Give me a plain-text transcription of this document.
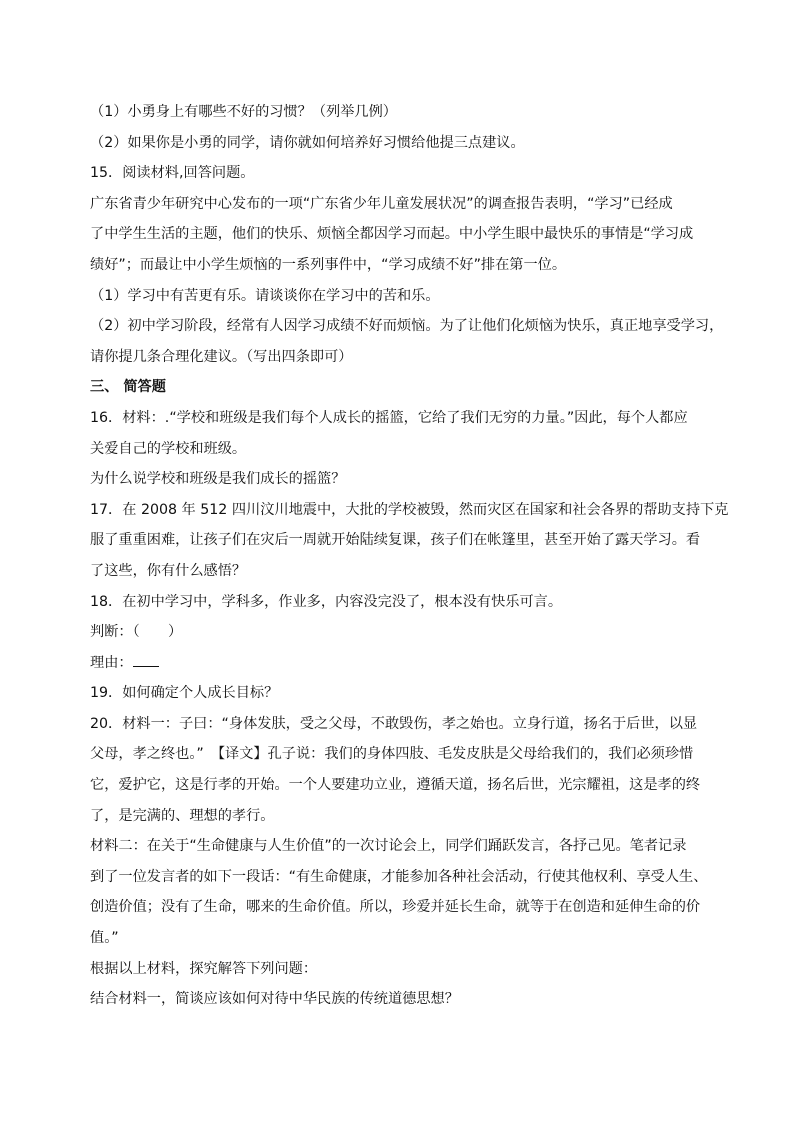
（1）小勇身上有哪些不好的习惯？（列举几例）
（2）如果你是小勇的同学，请你就如何培养好习惯给他提三点建议。
15．阅读材料,回答问题。
广东省青少年研究中心发布的一项“广东省少年儿童发展状况”的调查报告表明，“学习”已经成
了中学生生活的主题，他们的快乐、烦恼全都因学习而起。中小学生眼中最快乐的事情是“学习成
绩好”；而最让中小学生烦恼的一系列事件中，“学习成绩不好”排在第一位。
（1）学习中有苦更有乐。请谈谈你在学习中的苦和乐。
（2）初中学习阶段，经常有人因学习成绩不好而烦恼。为了让他们化烦恼为快乐，真正地享受学习，
请你提几条合理化建议。（写出四条即可）
三、 简答题
16．材料：.“学校和班级是我们每个人成长的摇篮，它给了我们无穷的力量。”因此，每个人都应
关爱自己的学校和班级。
为什么说学校和班级是我们成长的摇篮？
17．在 2008 年 512 四川汶川地震中，大批的学校被毁，然而灾区在国家和社会各界的帮助支持下克
服了重重困难，让孩子们在灾后一周就开始陆续复课，孩子们在帐篷里，甚至开始了露天学习。看
了这些，你有什么感悟？
18．在初中学习中，学科多，作业多，内容没完没了，根本没有快乐可言。
判断：（　　）
理由：
19．如何确定个人成长目标？
20．材料一：子曰：“身体发肤，受之父母，不敢毁伤，孝之始也。立身行道，扬名于后世，以显
父母，孝之终也。”　【译文】孔子说：我们的身体四肢、毛发皮肤是父母给我们的，我们必须珍惜
它，爱护它，这是行孝的开始。一个人要建功立业，遵循天道，扬名后世，光宗耀祖，这是孝的终
了，是完满的、理想的孝行。
材料二：在关于“生命健康与人生价值”的一次讨论会上，同学们踊跃发言，各抒己见。笔者记录
到了一位发言者的如下一段话：“有生命健康，才能参加各种社会活动，行使其他权利、享受人生、
创造价值；没有了生命，哪来的生命价值。所以，珍爱并延长生命，就等于在创造和延伸生命的价
值。”
根据以上材料，探究解答下列问题：
结合材料一，简谈应该如何对待中华民族的传统道德思想？
